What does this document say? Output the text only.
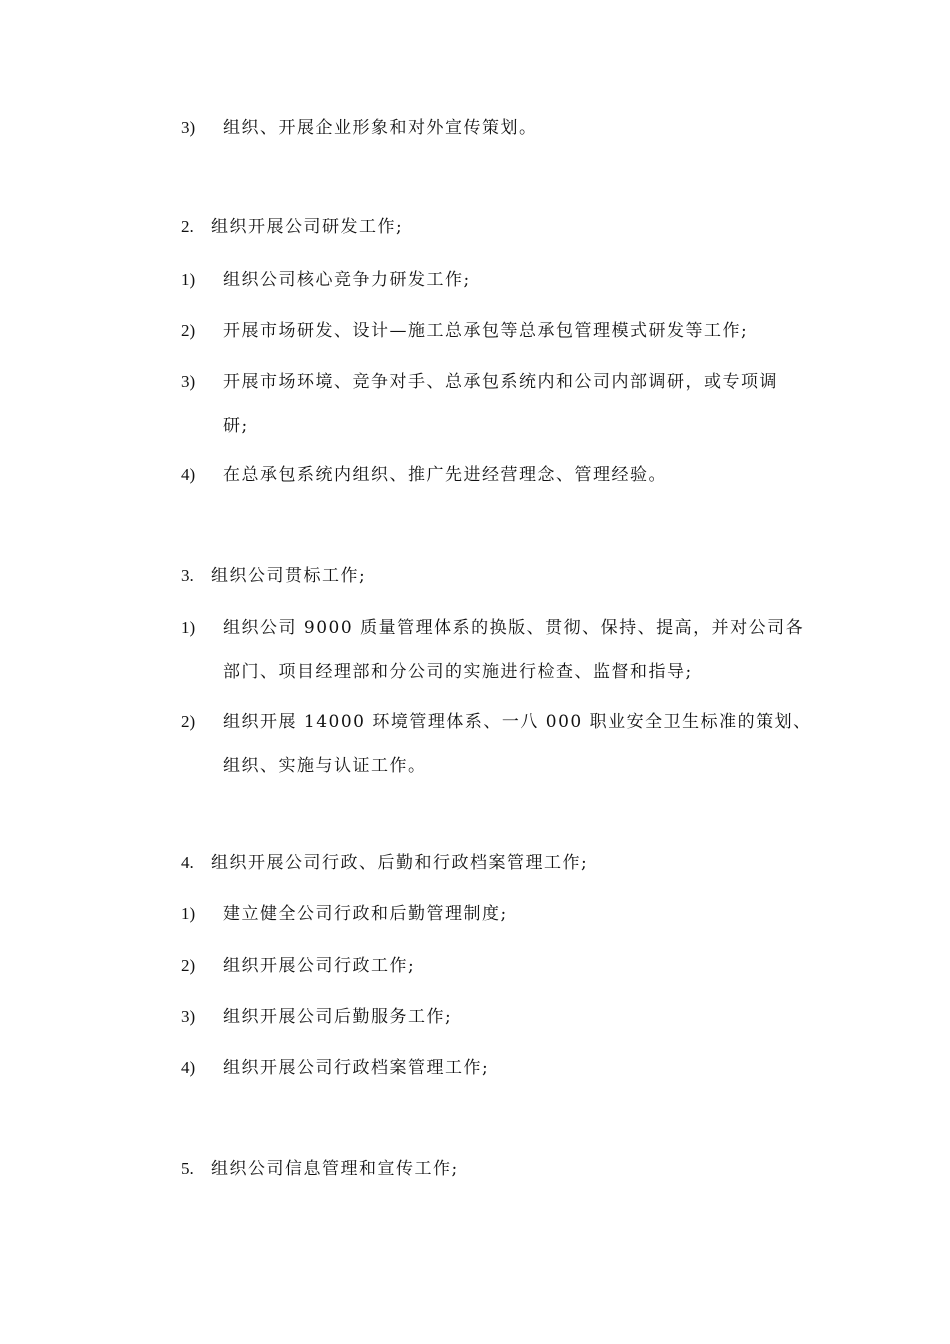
3) 组织、开展企业形象和对外宣传策划。
2. 组织开展公司研发工作;
1) 组织公司核心竞争力研发工作;
2) 开展市场研发、设计—施工总承包等总承包管理模式研发等工作;
3) 开展市场环境、竞争对手、总承包系统内和公司内部调研，或专项调
研;
4) 在总承包系统内组织、推广先进经营理念、管理经验。
3. 组织公司贯标工作;
1) 组织公司 9000 质量管理体系的换版、贯彻、保持、提高，并对公司各
部门、项目经理部和分公司的实施进行检查、监督和指导;
2) 组织开展 14000 环境管理体系、一八 000 职业安全卫生标准的策划、
组织、实施与认证工作。
4. 组织开展公司行政、后勤和行政档案管理工作;
1) 建立健全公司行政和后勤管理制度;
2) 组织开展公司行政工作;
3) 组织开展公司后勤服务工作;
4) 组织开展公司行政档案管理工作;
5. 组织公司信息管理和宣传工作;
